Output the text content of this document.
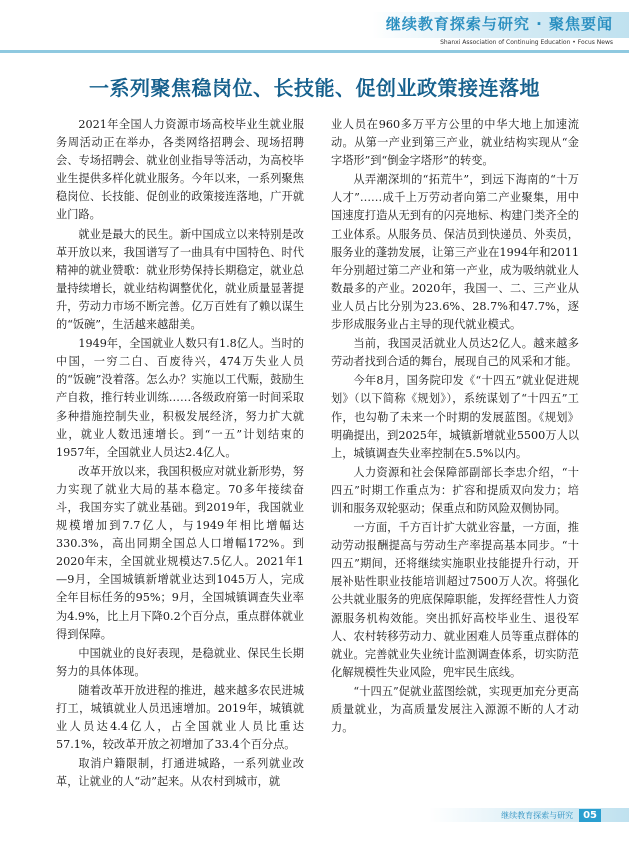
继续教育探索与研究 · 聚焦要闻
Shanxi Association of Continuing Education • Focus News
一系列聚焦稳岗位、长技能、促创业政策接连落地

2021年全国人力资源市场高校毕业生就业服务周活动正在举办，各类网络招聘会、现场招聘会、专场招聘会、就业创业指导等活动，为高校毕业生提供多样化就业服务。今年以来，一系列聚焦稳岗位、长技能、促创业的政策接连落地，广开就业门路。

就业是最大的民生。新中国成立以来特别是改革开放以来，我国谱写了一曲具有中国特色、时代精神的就业赞歌：就业形势保持长期稳定，就业总量持续增长，就业结构调整优化，就业质量显著提升，劳动力市场不断完善。亿万百姓有了赖以谋生的“饭碗”，生活越来越甜美。

1949年，全国就业人数只有1.8亿人。当时的中国，一穷二白、百废待兴，474万失业人员的“饭碗”没着落。怎么办？实施以工代赈，鼓励生产自救，推行转业训练……各级政府第一时间采取多种措施控制失业，积极发展经济，努力扩大就业，就业人数迅速增长。到“一五”计划结束的1957年，全国就业人员达2.4亿人。

改革开放以来，我国积极应对就业新形势，努力实现了就业大局的基本稳定。70多年接续奋斗，我国夯实了就业基础。到2019年，我国就业规模增加到7.7亿人，与1949年相比增幅达330.3%，高出同期全国总人口增幅172%。到2020年末，全国就业规模达7.5亿人。2021年1—9月，全国城镇新增就业达到1045万人，完成全年目标任务的95%；9月，全国城镇调查失业率为4.9%，比上月下降0.2个百分点，重点群体就业得到保障。

中国就业的良好表现，是稳就业、保民生长期努力的具体体现。

随着改革开放进程的推进，越来越多农民进城打工，城镇就业人员迅速增加。2019年，城镇就业人员达4.4亿人，占全国就业人员比重达57.1%，较改革开放之初增加了33.4个百分点。

取消户籍限制，打通进城路，一系列就业改革，让就业的人“动”起来。从农村到城市，就

业人员在960多万平方公里的中华大地上加速流动。从第一产业到第三产业，就业结构实现从“金字塔形”到“倒金字塔形”的转变。

从弄潮深圳的“拓荒牛”，到远下海南的“十万人才”……成千上万劳动者向第二产业聚集，用中国速度打造从无到有的闪亮地标、构建门类齐全的工业体系。从服务员、保洁员到快递员、外卖员，服务业的蓬勃发展，让第三产业在1994年和2011年分别超过第二产业和第一产业，成为吸纳就业人数最多的产业。2020年，我国一、二、三产业从业人员占比分别为23.6%、28.7%和47.7%，逐步形成服务业占主导的现代就业模式。

当前，我国灵活就业人员达2亿人。越来越多劳动者找到合适的舞台，展现自己的风采和才能。

今年8月，国务院印发《“十四五”就业促进规划》（以下简称《规划》），系统谋划了“十四五”工作，也勾勒了未来一个时期的发展蓝图。《规划》明确提出，到2025年，城镇新增就业5500万人以上，城镇调查失业率控制在5.5%以内。

人力资源和社会保障部副部长李忠介绍，“十四五”时期工作重点为：扩容和提质双向发力；培训和服务双轮驱动；保重点和防风险双侧协同。

一方面，千方百计扩大就业容量，一方面，推动劳动报酬提高与劳动生产率提高基本同步。“十四五”期间，还将继续实施职业技能提升行动，开展补贴性职业技能培训超过7500万人次。将强化公共就业服务的兜底保障职能，发挥经营性人力资源服务机构效能。突出抓好高校毕业生、退役军人、农村转移劳动力、就业困难人员等重点群体的就业。完善就业失业统计监测调查体系，切实防范化解规模性失业风险，兜牢民生底线。

“十四五”促就业蓝图绘就，实现更加充分更高质量就业，为高质量发展注入源源不断的人才动力。

继续教育探索与研究	05
